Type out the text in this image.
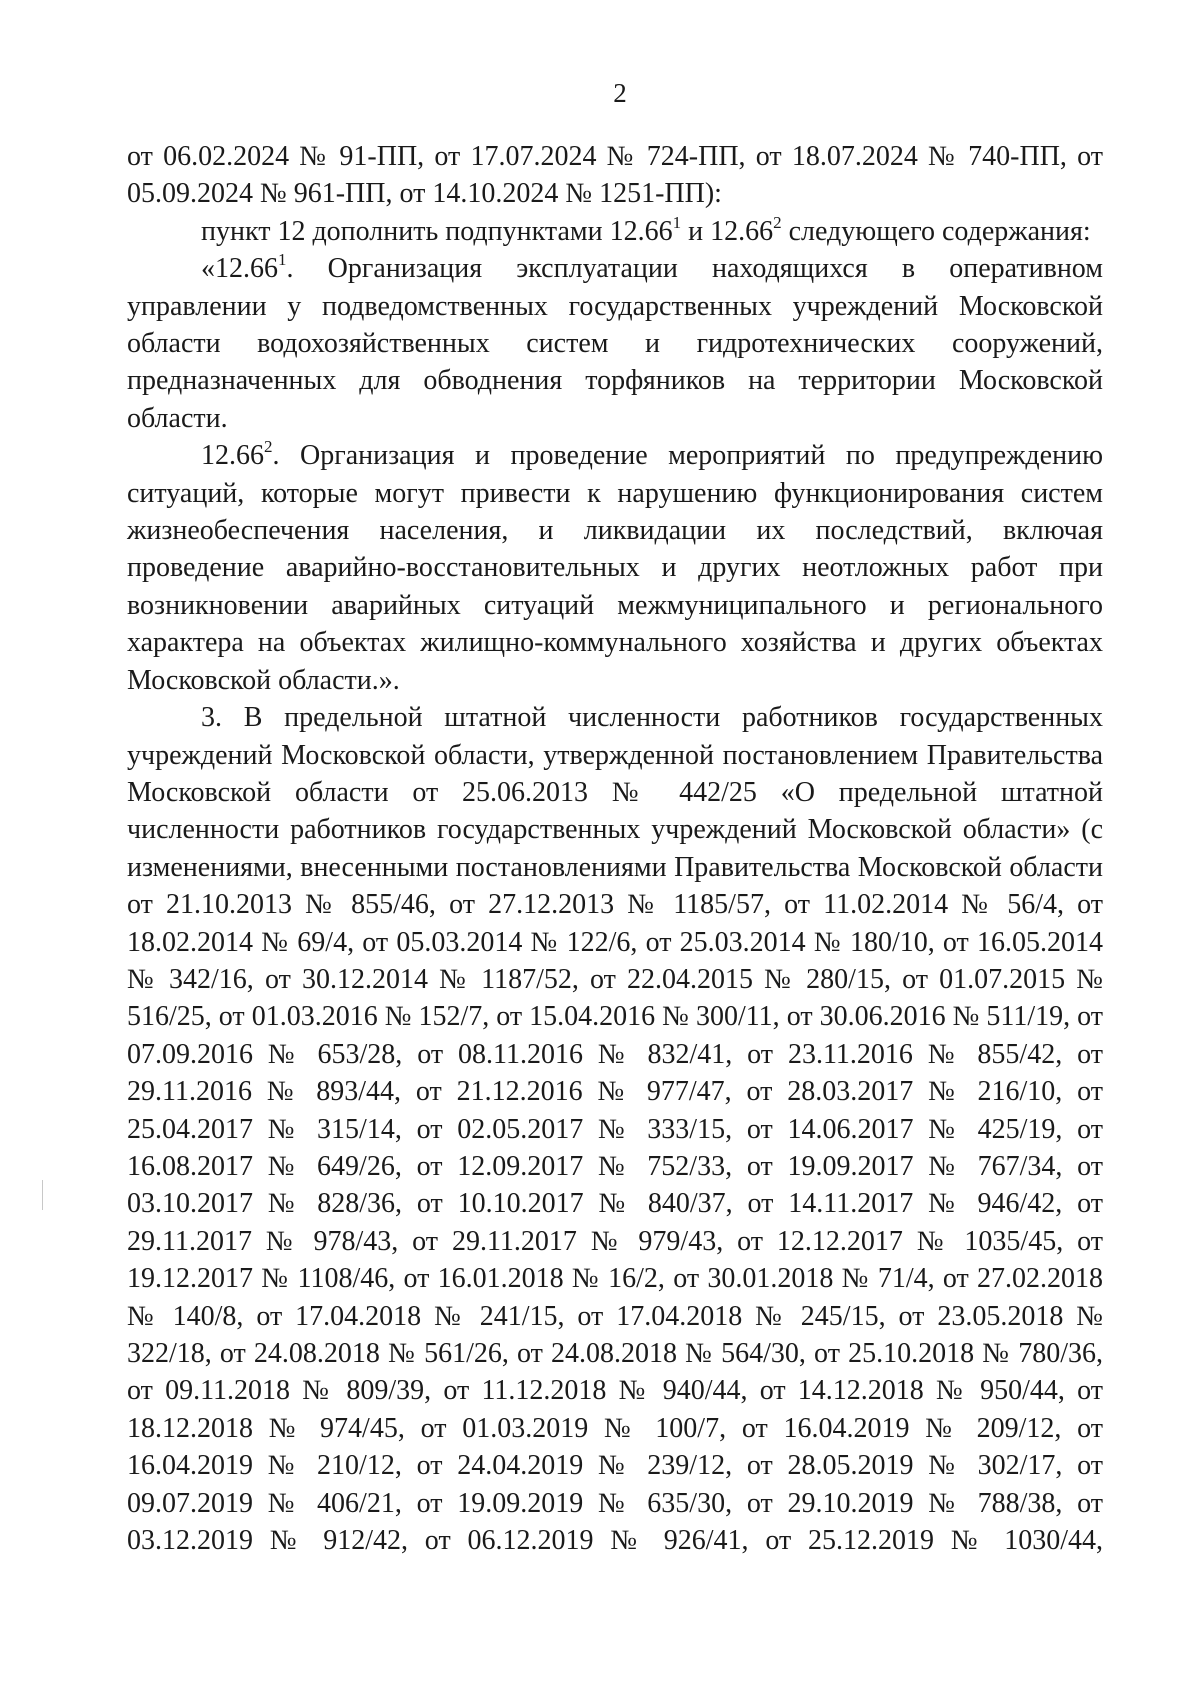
2

от 06.02.2024 № 91-ПП, от 17.07.2024 № 724-ПП, от 18.07.2024 № 740-ПП, от 05.09.2024 № 961-ПП, от 14.10.2024 № 1251-ПП):

пункт 12 дополнить подпунктами 12.66$^1$ и 12.66$^2$ следующего содержания:

«12.66$^1$. Организация эксплуатации находящихся в оперативном управлении у подведомственных государственных учреждений Московской области водохозяйственных систем и гидротехнических сооружений, предназначенных для обводнения торфяников на территории Московской области.

12.66$^2$. Организация и проведение мероприятий по предупреждению ситуаций, которые могут привести к нарушению функционирования систем жизнеобеспечения населения, и ликвидации их последствий, включая проведение аварийно-восстановительных и других неотложных работ при возникновении аварийных ситуаций межмуниципального и регионального характера на объектах жилищно-коммунального хозяйства и других объектах Московской области.».

3. В предельной штатной численности работников государственных учреждений Московской области, утвержденной постановлением Правительства Московской области от 25.06.2013 № 442/25 «О предельной штатной численности работников государственных учреждений Московской области» (с изменениями, внесенными постановлениями Правительства Московской области от 21.10.2013 № 855/46, от 27.12.2013 № 1185/57, от 11.02.2014 № 56/4, от 18.02.2014 № 69/4, от 05.03.2014 № 122/6, от 25.03.2014 № 180/10, от 16.05.2014 № 342/16, от 30.12.2014 № 1187/52, от 22.04.2015 № 280/15, от 01.07.2015 № 516/25, от 01.03.2016 № 152/7, от 15.04.2016 № 300/11, от 30.06.2016 № 511/19, от 07.09.2016 № 653/28, от 08.11.2016 № 832/41, от 23.11.2016 № 855/42, от 29.11.2016 № 893/44, от 21.12.2016 № 977/47, от 28.03.2017 № 216/10, от 25.04.2017 № 315/14, от 02.05.2017 № 333/15, от 14.06.2017 № 425/19, от 16.08.2017 № 649/26, от 12.09.2017 № 752/33, от 19.09.2017 № 767/34, от 03.10.2017 № 828/36, от 10.10.2017 № 840/37, от 14.11.2017 № 946/42, от 29.11.2017 № 978/43, от 29.11.2017 № 979/43, от 12.12.2017 № 1035/45, от 19.12.2017 № 1108/46, от 16.01.2018 № 16/2, от 30.01.2018 № 71/4, от 27.02.2018 № 140/8, от 17.04.2018 № 241/15, от 17.04.2018 № 245/15, от 23.05.2018 № 322/18, от 24.08.2018 № 561/26, от 24.08.2018 № 564/30, от 25.10.2018 № 780/36, от 09.11.2018 № 809/39, от 11.12.2018 № 940/44, от 14.12.2018 № 950/44, от 18.12.2018 № 974/45, от 01.03.2019 № 100/7, от 16.04.2019 № 209/12, от 16.04.2019 № 210/12, от 24.04.2019 № 239/12, от 28.05.2019 № 302/17, от 09.07.2019 № 406/21, от 19.09.2019 № 635/30, от 29.10.2019 № 788/38, от 03.12.2019 № 912/42, от 06.12.2019 № 926/41, от 25.12.2019 № 1030/44,
